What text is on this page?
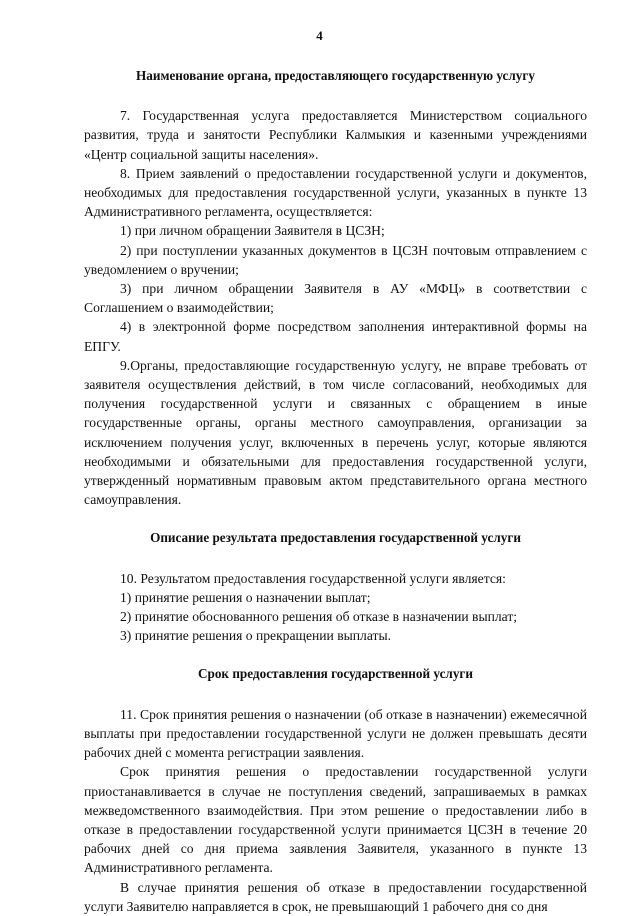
4

Наименование органа, предоставляющего государственную услугу

7. Государственная услуга предоставляется Министерством социального развития, труда и занятости Республики Калмыкия и казенными учреждениями «Центр социальной защиты населения».

8. Прием заявлений о предоставлении государственной услуги и документов, необходимых для предоставления государственной услуги, указанных в пункте 13 Административного регламента, осуществляется:

1) при личном обращении Заявителя в ЦСЗН;

2) при поступлении указанных документов в ЦСЗН почтовым отправлением с уведомлением о вручении;

3) при личном обращении Заявителя в АУ «МФЦ» в соответствии с Соглашением о взаимодействии;

4) в электронной форме посредством заполнения интерактивной формы на ЕПГУ.

9.Органы, предоставляющие государственную услугу, не вправе требовать от заявителя осуществления действий, в том числе согласований, необходимых для получения государственной услуги и связанных с обращением в иные государственные органы, органы местного самоуправления, организации за исключением получения услуг, включенных в перечень услуг, которые являются необходимыми и обязательными для предоставления государственной услуги, утвержденный нормативным правовым актом представительного органа местного самоуправления.

Описание результата предоставления государственной услуги

10. Результатом предоставления государственной услуги является:

1) принятие решения о назначении выплат;

2) принятие обоснованного решения об отказе в назначении выплат;

3) принятие решения о прекращении выплаты.

Срок предоставления государственной услуги

11. Срок принятия решения о назначении (об отказе в назначении) ежемесячной выплаты при предоставлении государственной услуги не должен превышать десяти рабочих дней с момента регистрации заявления.

Срок принятия решения о предоставлении государственной услуги приостанавливается в случае не поступления сведений, запрашиваемых в рамках межведомственного взаимодействия. При этом решение о предоставлении либо в отказе в предоставлении государственной услуги принимается ЦСЗН в течение 20 рабочих дней со дня приема заявления Заявителя, указанного в пункте 13 Административного регламента.

В случае принятия решения об отказе в предоставлении государственной услуги Заявителю направляется в срок, не превышающий 1 рабочего дня со дня
